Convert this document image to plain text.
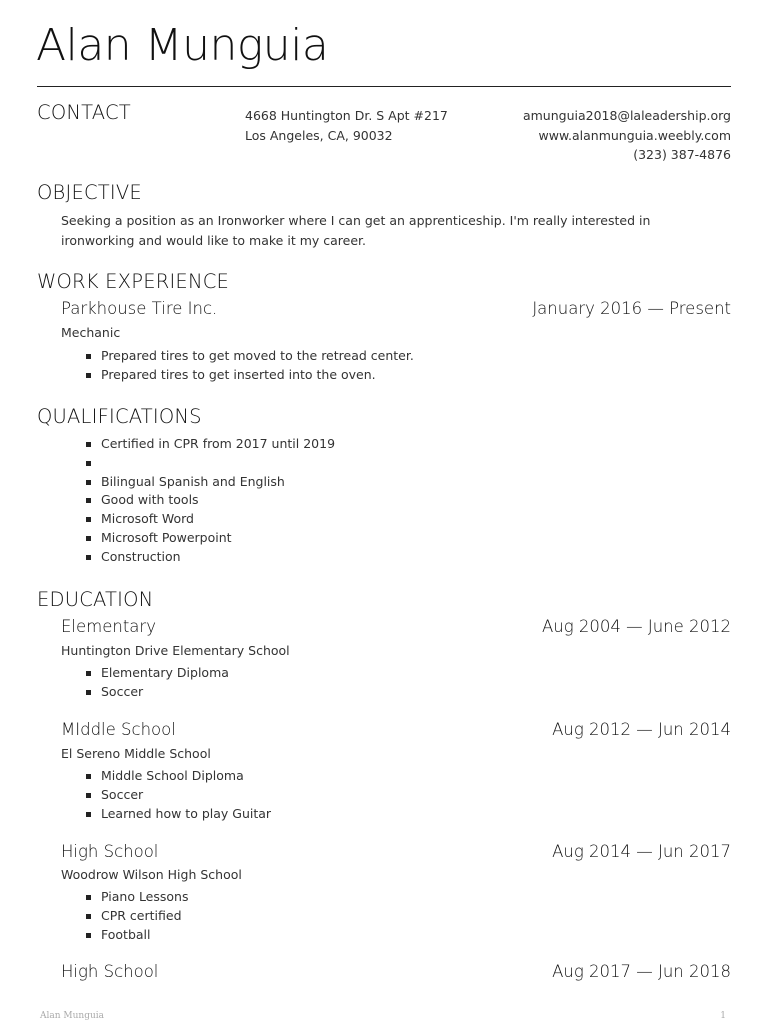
Alan Munguia
CONTACT	4668 Huntington Dr. S Apt #217
Los Angeles, CA, 90032
amunguia2018@laleadership.org
www.alanmunguia.weebly.com
(323) 387-4876
OBJECTIVE
Seeking a position as an Ironworker where I can get an apprenticeship. I'm really interested in ironworking and would like to make it my career.
WORK EXPERIENCE
Parkhouse Tire Inc.	January 2016 — Present
Mechanic
Prepared tires to get moved to the retread center.
Prepared tires to get inserted into the oven.
QUALIFICATIONS
Certified in CPR from 2017 until 2019
Bilingual Spanish and English
Good with tools
Microsoft Word
Microsoft Powerpoint
Construction
EDUCATION
Elementary	Aug 2004 — June 2012
Huntington Drive Elementary School
Elementary Diploma
Soccer
MIddle School	Aug 2012 — Jun 2014
El Sereno Middle School
Middle School Diploma
Soccer
Learned how to play Guitar
High School	Aug 2014 — Jun 2017
Woodrow Wilson High School
Piano Lessons
CPR certified
Football
High School	Aug 2017 — Jun 2018
Alan Munguia	1
